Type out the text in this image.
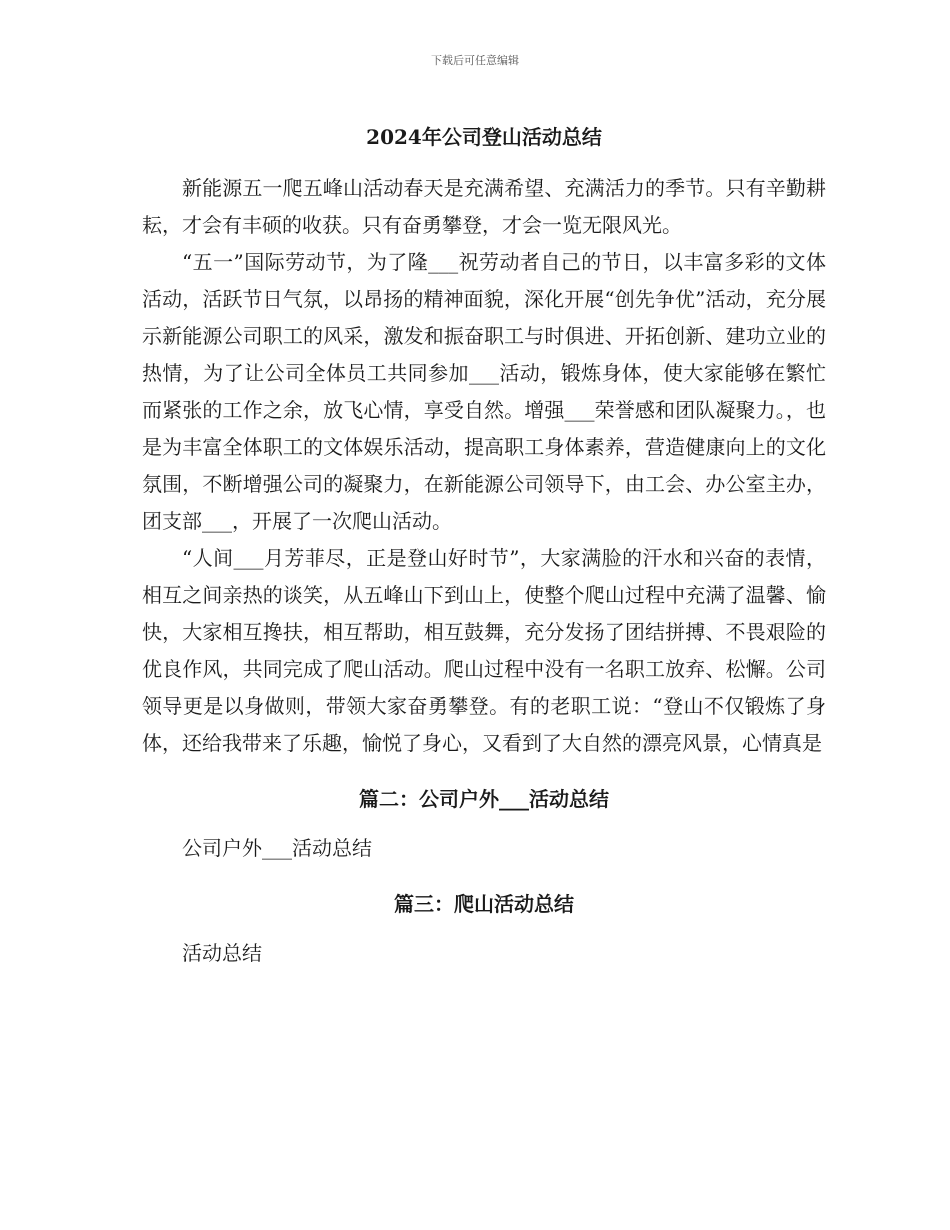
下载后可任意编辑
2024年公司登山活动总结

新能源五一爬五峰山活动春天是充满希望、充满活力的季节。只有辛勤耕耘，才会有丰硕的收获。只有奋勇攀登，才会一览无限风光。

“五一”国际劳动节，为了隆___祝劳动者自己的节日，以丰富多彩的文体活动，活跃节日气氛，以昂扬的精神面貌，深化开展“创先争优”活动，充分展示新能源公司职工的风采，激发和振奋职工与时俱进、开拓创新、建功立业的热情，为了让公司全体员工共同参加___活动，锻炼身体，使大家能够在繁忙而紧张的工作之余，放飞心情，享受自然。增强___荣誉感和团队凝聚力。，也是为丰富全体职工的文体娱乐活动，提高职工身体素养，营造健康向上的文化氛围，不断增强公司的凝聚力，在新能源公司领导下，由工会、办公室主办，团支部___，开展了一次爬山活动。

“人间___月芳菲尽，正是登山好时节”，大家满脸的汗水和兴奋的表情，相互之间亲热的谈笑，从五峰山下到山上，使整个爬山过程中充满了温馨、愉快，大家相互搀扶，相互帮助，相互鼓舞，充分发扬了团结拼搏、不畏艰险的优良作风，共同完成了爬山活动。爬山过程中没有一名职工放弃、松懈。公司领导更是以身做则，带领大家奋勇攀登。有的老职工说：“登山不仅锻炼了身体，还给我带来了乐趣，愉悦了身心，又看到了大自然的漂亮风景，心情真是

篇二：公司户外___活动总结

公司户外___活动总结

篇三：爬山活动总结

活动总结
